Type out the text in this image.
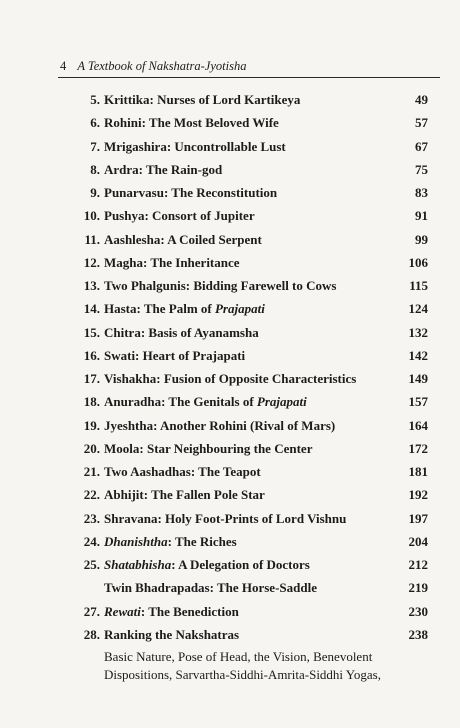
4 A Textbook of Nakshatra-Jyotisha
5. Krittika: Nurses of Lord Kartikeya	49
6. Rohini: The Most Beloved Wife	57
7. Mrigashira: Uncontrollable Lust	67
8. Ardra: The Rain-god	75
9. Punarvasu: The Reconstitution	83
10. Pushya: Consort of Jupiter	91
11. Aashlesha: A Coiled Serpent	99
12. Magha: The Inheritance	106
13. Two Phalgunis: Bidding Farewell to Cows	115
14. Hasta: The Palm of Prajapati	124
15. Chitra: Basis of Ayanamsha	132
16. Swati: Heart of Prajapati	142
17. Vishakha: Fusion of Opposite Characteristics	149
18. Anuradha: The Genitals of Prajapati	157
19. Jyeshtha: Another Rohini (Rival of Mars)	164
20. Moola: Star Neighbouring the Center	172
21. Two Aashadhas: The Teapot	181
22. Abhijit: The Fallen Pole Star	192
23. Shravana: Holy Foot-Prints of Lord Vishnu	197
24. Dhanishtha: The Riches	204
25. Shatabhisha: A Delegation of Doctors	212
Twin Bhadrapadas: The Horse-Saddle	219
27. Rewati: The Benediction	230
28. Ranking the Nakshatras	238
Basic Nature, Pose of Head, the Vision, Benevolent Dispositions, Sarvartha-Siddhi-Amrita-Siddhi Yogas,
